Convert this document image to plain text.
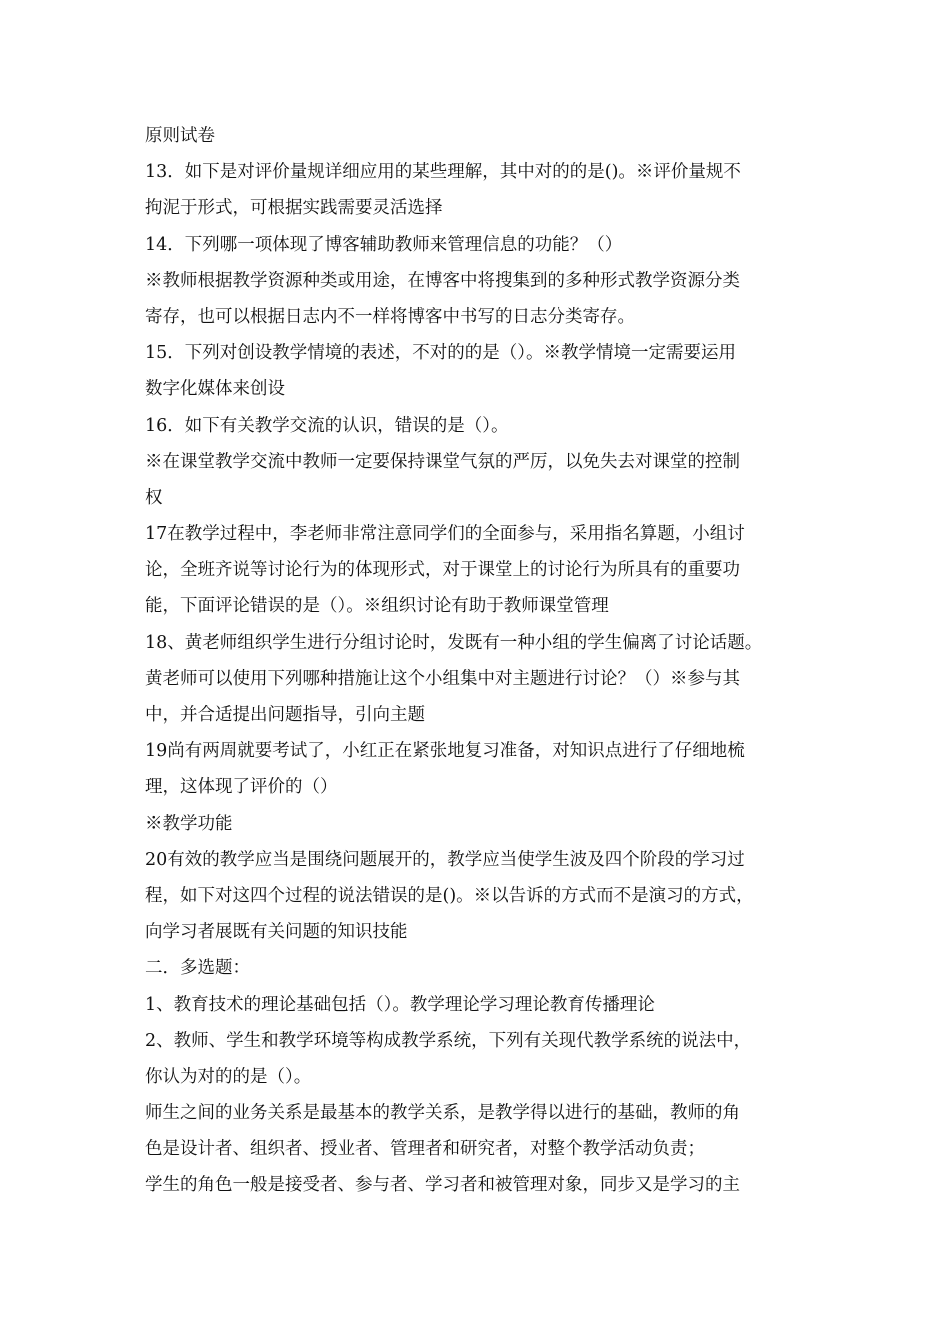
原则试卷
13．如下是对评价量规详细应用的某些理解，其中对的的是()。※评价量规不
拘泥于形式，可根据实践需要灵活选择
14．下列哪一项体现了博客辅助教师来管理信息的功能？（）
※教师根据教学资源种类或用途，在博客中将搜集到的多种形式教学资源分类
寄存，也可以根据日志内不一样将博客中书写的日志分类寄存。
15．下列对创设教学情境的表述，不对的的是（）。※教学情境一定需要运用
数字化媒体来创设
16．如下有关教学交流的认识，错误的是（）。
※在课堂教学交流中教师一定要保持课堂气氛的严厉，以免失去对课堂的控制
权
17在教学过程中，李老师非常注意同学们的全面参与，采用指名算题，小组讨
论，全班齐说等讨论行为的体现形式，对于课堂上的讨论行为所具有的重要功
能，下面评论错误的是（）。※组织讨论有助于教师课堂管理
18、黄老师组织学生进行分组讨论时，发既有一种小组的学生偏离了讨论话题。
黄老师可以使用下列哪种措施让这个小组集中对主题进行讨论？（）※参与其
中，并合适提出问题指导，引向主题
19尚有两周就要考试了，小红正在紧张地复习准备，对知识点进行了仔细地梳
理，这体现了评价的（）
※教学功能
20有效的教学应当是围绕问题展开的，教学应当使学生波及四个阶段的学习过
程，如下对这四个过程的说法错误的是()。※以告诉的方式而不是演习的方式，
向学习者展既有关问题的知识技能
二．多选题：
1、教育技术的理论基础包括（）。教学理论学习理论教育传播理论
2、教师、学生和教学环境等构成教学系统，下列有关现代教学系统的说法中，
你认为对的的是（）。
师生之间的业务关系是最基本的教学关系，是教学得以进行的基础，教师的角
色是设计者、组织者、授业者、管理者和研究者，对整个教学活动负责；
学生的角色一般是接受者、参与者、学习者和被管理对象，同步又是学习的主
